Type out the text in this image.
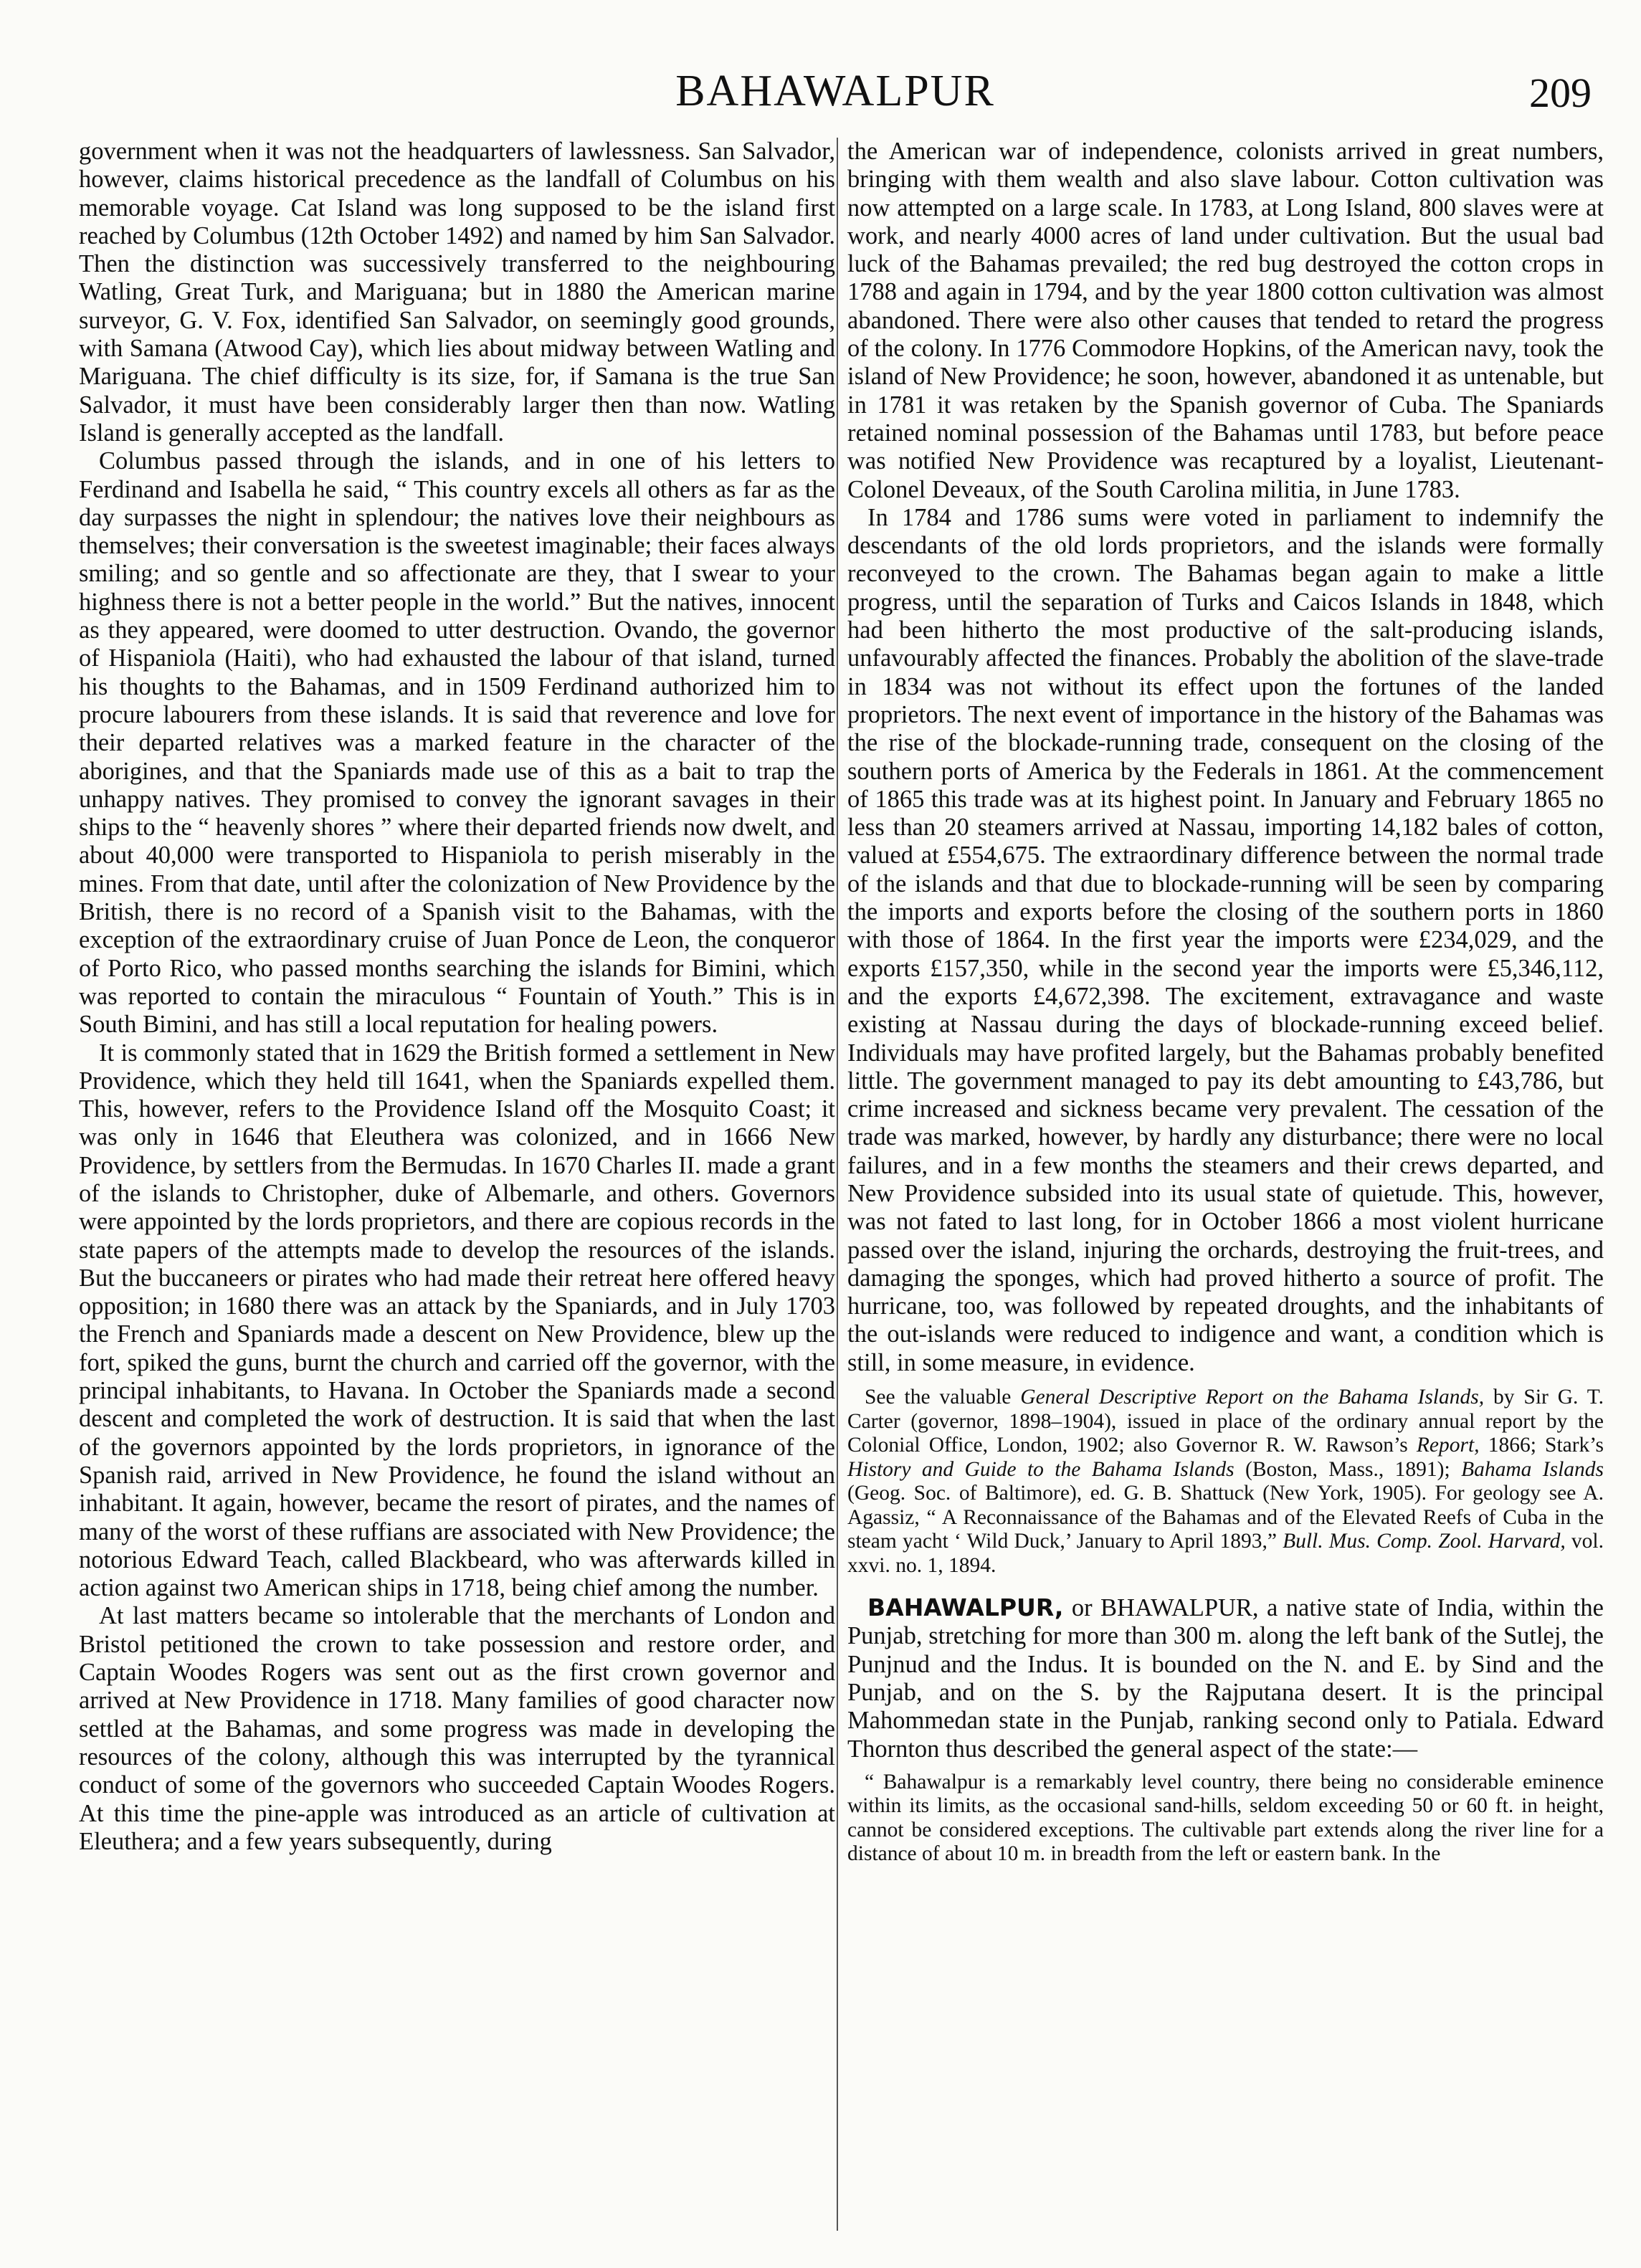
BAHAWALPUR	209

government when it was not the headquarters of lawlessness. San Salvador, however, claims historical precedence as the landfall of Columbus on his memorable voyage. Cat Island was long supposed to be the island first reached by Columbus (12th October 1492) and named by him San Salvador. Then the distinction was successively transferred to the neighbouring Watling, Great Turk, and Mariguana; but in 1880 the American marine surveyor, G. V. Fox, identified San Salvador, on seemingly good grounds, with Samana (Atwood Cay), which lies about midway between Watling and Mariguana. The chief difficulty is its size, for, if Samana is the true San Salvador, it must have been considerably larger then than now. Watling Island is generally accepted as the landfall.

Columbus passed through the islands, and in one of his letters to Ferdinand and Isabella he said, “ This country excels all others as far as the day surpasses the night in splendour; the natives love their neighbours as themselves; their conversation is the sweetest imaginable; their faces always smiling; and so gentle and so affectionate are they, that I swear to your highness there is not a better people in the world.” But the natives, innocent as they appeared, were doomed to utter destruction. Ovando, the governor of Hispaniola (Haiti), who had exhausted the labour of that island, turned his thoughts to the Bahamas, and in 1509 Ferdinand authorized him to procure labourers from these islands. It is said that reverence and love for their departed relatives was a marked feature in the character of the aborigines, and that the Spaniards made use of this as a bait to trap the unhappy natives. They promised to convey the ignorant savages in their ships to the “ heavenly shores ” where their departed friends now dwelt, and about 40,000 were transported to Hispaniola to perish miserably in the mines. From that date, until after the colonization of New Providence by the British, there is no record of a Spanish visit to the Bahamas, with the exception of the extraordinary cruise of Juan Ponce de Leon, the conqueror of Porto Rico, who passed months searching the islands for Bimini, which was reported to contain the miraculous “ Fountain of Youth.” This is in South Bimini, and has still a local reputation for healing powers.

It is commonly stated that in 1629 the British formed a settlement in New Providence, which they held till 1641, when the Spaniards expelled them. This, however, refers to the Providence Island off the Mosquito Coast; it was only in 1646 that Eleuthera was colonized, and in 1666 New Providence, by settlers from the Bermudas. In 1670 Charles II. made a grant of the islands to Christopher, duke of Albemarle, and others. Governors were appointed by the lords proprietors, and there are copious records in the state papers of the attempts made to develop the resources of the islands. But the buccaneers or pirates who had made their retreat here offered heavy opposition; in 1680 there was an attack by the Spaniards, and in July 1703 the French and Spaniards made a descent on New Providence, blew up the fort, spiked the guns, burnt the church and carried off the governor, with the principal inhabitants, to Havana. In October the Spaniards made a second descent and completed the work of destruction. It is said that when the last of the governors appointed by the lords proprietors, in ignorance of the Spanish raid, arrived in New Providence, he found the island without an inhabitant. It again, however, became the resort of pirates, and the names of many of the worst of these ruffians are associated with New Providence; the notorious Edward Teach, called Blackbeard, who was afterwards killed in action against two American ships in 1718, being chief among the number.

At last matters became so intolerable that the merchants of London and Bristol petitioned the crown to take possession and restore order, and Captain Woodes Rogers was sent out as the first crown governor and arrived at New Providence in 1718. Many families of good character now settled at the Bahamas, and some progress was made in developing the resources of the colony, although this was interrupted by the tyrannical conduct of some of the governors who succeeded Captain Woodes Rogers. At this time the pine-apple was introduced as an article of cultivation at Eleuthera; and a few years subsequently, during

the American war of independence, colonists arrived in great numbers, bringing with them wealth and also slave labour. Cotton cultivation was now attempted on a large scale. In 1783, at Long Island, 800 slaves were at work, and nearly 4000 acres of land under cultivation. But the usual bad luck of the Bahamas prevailed; the red bug destroyed the cotton crops in 1788 and again in 1794, and by the year 1800 cotton cultivation was almost abandoned. There were also other causes that tended to retard the progress of the colony. In 1776 Commodore Hopkins, of the American navy, took the island of New Providence; he soon, however, abandoned it as untenable, but in 1781 it was retaken by the Spanish governor of Cuba. The Spaniards retained nominal possession of the Bahamas until 1783, but before peace was notified New Providence was recaptured by a loyalist, Lieutenant-Colonel Deveaux, of the South Carolina militia, in June 1783.

In 1784 and 1786 sums were voted in parliament to indemnify the descendants of the old lords proprietors, and the islands were formally reconveyed to the crown. The Bahamas began again to make a little progress, until the separation of Turks and Caicos Islands in 1848, which had been hitherto the most productive of the salt-producing islands, unfavourably affected the finances. Probably the abolition of the slave-trade in 1834 was not without its effect upon the fortunes of the landed proprietors. The next event of importance in the history of the Bahamas was the rise of the blockade-running trade, consequent on the closing of the southern ports of America by the Federals in 1861. At the commencement of 1865 this trade was at its highest point. In January and February 1865 no less than 20 steamers arrived at Nassau, importing 14,182 bales of cotton, valued at £554,675. The extraordinary difference between the normal trade of the islands and that due to blockade-running will be seen by comparing the imports and exports before the closing of the southern ports in 1860 with those of 1864. In the first year the imports were £234,029, and the exports £157,350, while in the second year the imports were £5,346,112, and the exports £4,672,398. The excitement, extravagance and waste existing at Nassau during the days of blockade-running exceed belief. Individuals may have profited largely, but the Bahamas probably benefited little. The government managed to pay its debt amounting to £43,786, but crime increased and sickness became very prevalent. The cessation of the trade was marked, however, by hardly any disturbance; there were no local failures, and in a few months the steamers and their crews departed, and New Providence subsided into its usual state of quietude. This, however, was not fated to last long, for in October 1866 a most violent hurricane passed over the island, injuring the orchards, destroying the fruit-trees, and damaging the sponges, which had proved hitherto a source of profit. The hurricane, too, was followed by repeated droughts, and the inhabitants of the out-islands were reduced to indigence and want, a condition which is still, in some measure, in evidence.

See the valuable General Descriptive Report on the Bahama Islands, by Sir G. T. Carter (governor, 1898–1904), issued in place of the ordinary annual report by the Colonial Office, London, 1902; also Governor R. W. Rawson’s Report, 1866; Stark’s History and Guide to the Bahama Islands (Boston, Mass., 1891); Bahama Islands (Geog. Soc. of Baltimore), ed. G. B. Shattuck (New York, 1905). For geology see A. Agassiz, “ A Reconnaissance of the Bahamas and of the Elevated Reefs of Cuba in the steam yacht ‘ Wild Duck,’ January to April 1893,” Bull. Mus. Comp. Zool. Harvard, vol. xxvi. no. 1, 1894.

BAHAWALPUR, or BHAWALPUR, a native state of India, within the Punjab, stretching for more than 300 m. along the left bank of the Sutlej, the Punjnud and the Indus. It is bounded on the N. and E. by Sind and the Punjab, and on the S. by the Rajputana desert. It is the principal Mahommedan state in the Punjab, ranking second only to Patiala. Edward Thornton thus described the general aspect of the state:—

“ Bahawalpur is a remarkably level country, there being no considerable eminence within its limits, as the occasional sand-hills, seldom exceeding 50 or 60 ft. in height, cannot be considered exceptions. The cultivable part extends along the river line for a distance of about 10 m. in breadth from the left or eastern bank. In the
